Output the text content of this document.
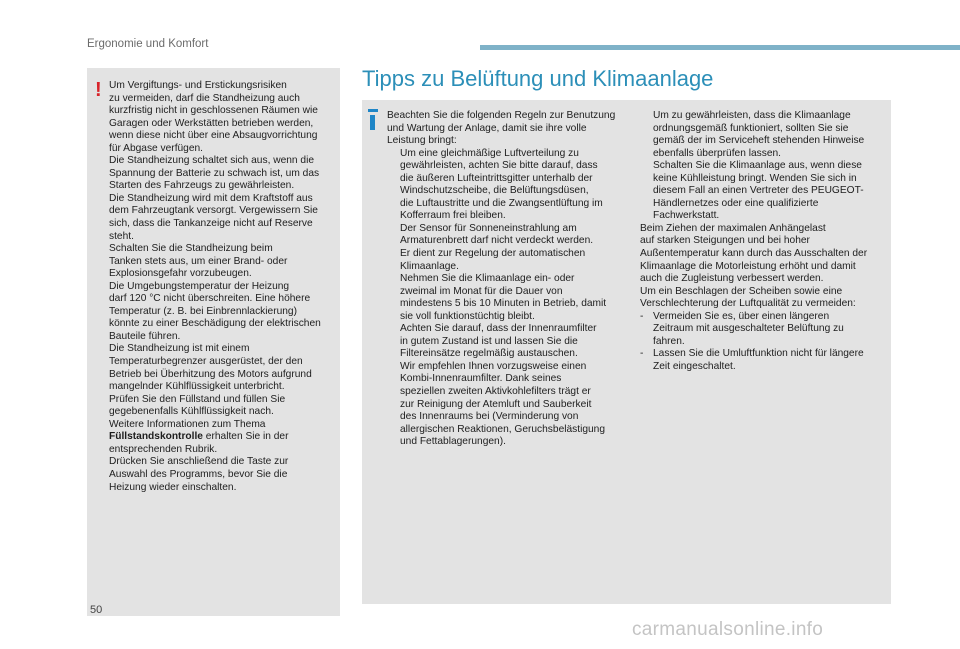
Ergonomie und Komfort
! Um Vergiftungs- und Erstickungsrisiken
zu vermeiden, darf die Standheizung auch
kurzfristig nicht in geschlossenen Räumen wie
Garagen oder Werkstätten betrieben werden,
wenn diese nicht über eine Absaugvorrichtung
für Abgase verfügen.
Die Standheizung schaltet sich aus, wenn die
Spannung der Batterie zu schwach ist, um das
Starten des Fahrzeugs zu gewährleisten.
Die Standheizung wird mit dem Kraftstoff aus
dem Fahrzeugtank versorgt. Vergewissern Sie
sich, dass die Tankanzeige nicht auf Reserve
steht.
Schalten Sie die Standheizung beim
Tanken stets aus, um einer Brand- oder
Explosionsgefahr vorzubeugen.
Die Umgebungstemperatur der Heizung
darf 120 °C nicht überschreiten. Eine höhere
Temperatur (z. B. bei Einbrennlackierung)
könnte zu einer Beschädigung der elektrischen
Bauteile führen.
Die Standheizung ist mit einem
Temperaturbegrenzer ausgerüstet, der den
Betrieb bei Überhitzung des Motors aufgrund
mangelnder Kühlflüssigkeit unterbricht.
Prüfen Sie den Füllstand und füllen Sie
gegebenenfalls Kühlflüssigkeit nach.
Weitere Informationen zum Thema
Füllstandskontrolle erhalten Sie in der
entsprechenden Rubrik.
Drücken Sie anschließend die Taste zur
Auswahl des Programms, bevor Sie die
Heizung wieder einschalten.
Tipps zu Belüftung und Klimaanlage
Beachten Sie die folgenden Regeln zur Benutzung
und Wartung der Anlage, damit sie ihre volle
Leistung bringt:
Um eine gleichmäßige Luftverteilung zu
gewährleisten, achten Sie bitte darauf, dass
die äußeren Lufteintrittsgitter unterhalb der
Windschutzscheibe, die Belüftungsdüsen,
die Luftaustritte und die Zwangsentlüftung im
Kofferraum frei bleiben.
Der Sensor für Sonneneinstrahlung am
Armaturenbrett darf nicht verdeckt werden.
Er dient zur Regelung der automatischen
Klimaanlage.
Nehmen Sie die Klimaanlage ein- oder
zweimal im Monat für die Dauer von
mindestens 5 bis 10 Minuten in Betrieb, damit
sie voll funktionstüchtig bleibt.
Achten Sie darauf, dass der Innenraumfilter
in gutem Zustand ist und lassen Sie die
Filtereinsätze regelmäßig austauschen.
Wir empfehlen Ihnen vorzugsweise einen
Kombi-Innenraumfilter. Dank seines
speziellen zweiten Aktivkohlefilters trägt er
zur Reinigung der Atemluft und Sauberkeit
des Innenraums bei (Verminderung von
allergischen Reaktionen, Geruchsbelästigung
und Fettablagerungen).
Um zu gewährleisten, dass die Klimaanlage
ordnungsgemäß funktioniert, sollten Sie sie
gemäß der im Serviceheft stehenden Hinweise
ebenfalls überprüfen lassen.
Schalten Sie die Klimaanlage aus, wenn diese
keine Kühlleistung bringt. Wenden Sie sich in
diesem Fall an einen Vertreter des PEUGEOT-
Händlernetzes oder eine qualifizierte
Fachwerkstatt.
Beim Ziehen der maximalen Anhängelast
auf starken Steigungen und bei hoher
Außentemperatur kann durch das Ausschalten der
Klimaanlage die Motorleistung erhöht und damit
auch die Zugleistung verbessert werden.
Um ein Beschlagen der Scheiben sowie eine
Verschlechterung der Luftqualität zu vermeiden:
- Vermeiden Sie es, über einen längeren
Zeitraum mit ausgeschalteter Belüftung zu
fahren.
- Lassen Sie die Umluftfunktion nicht für längere
Zeit eingeschaltet.
50
carmanualsonline.info
